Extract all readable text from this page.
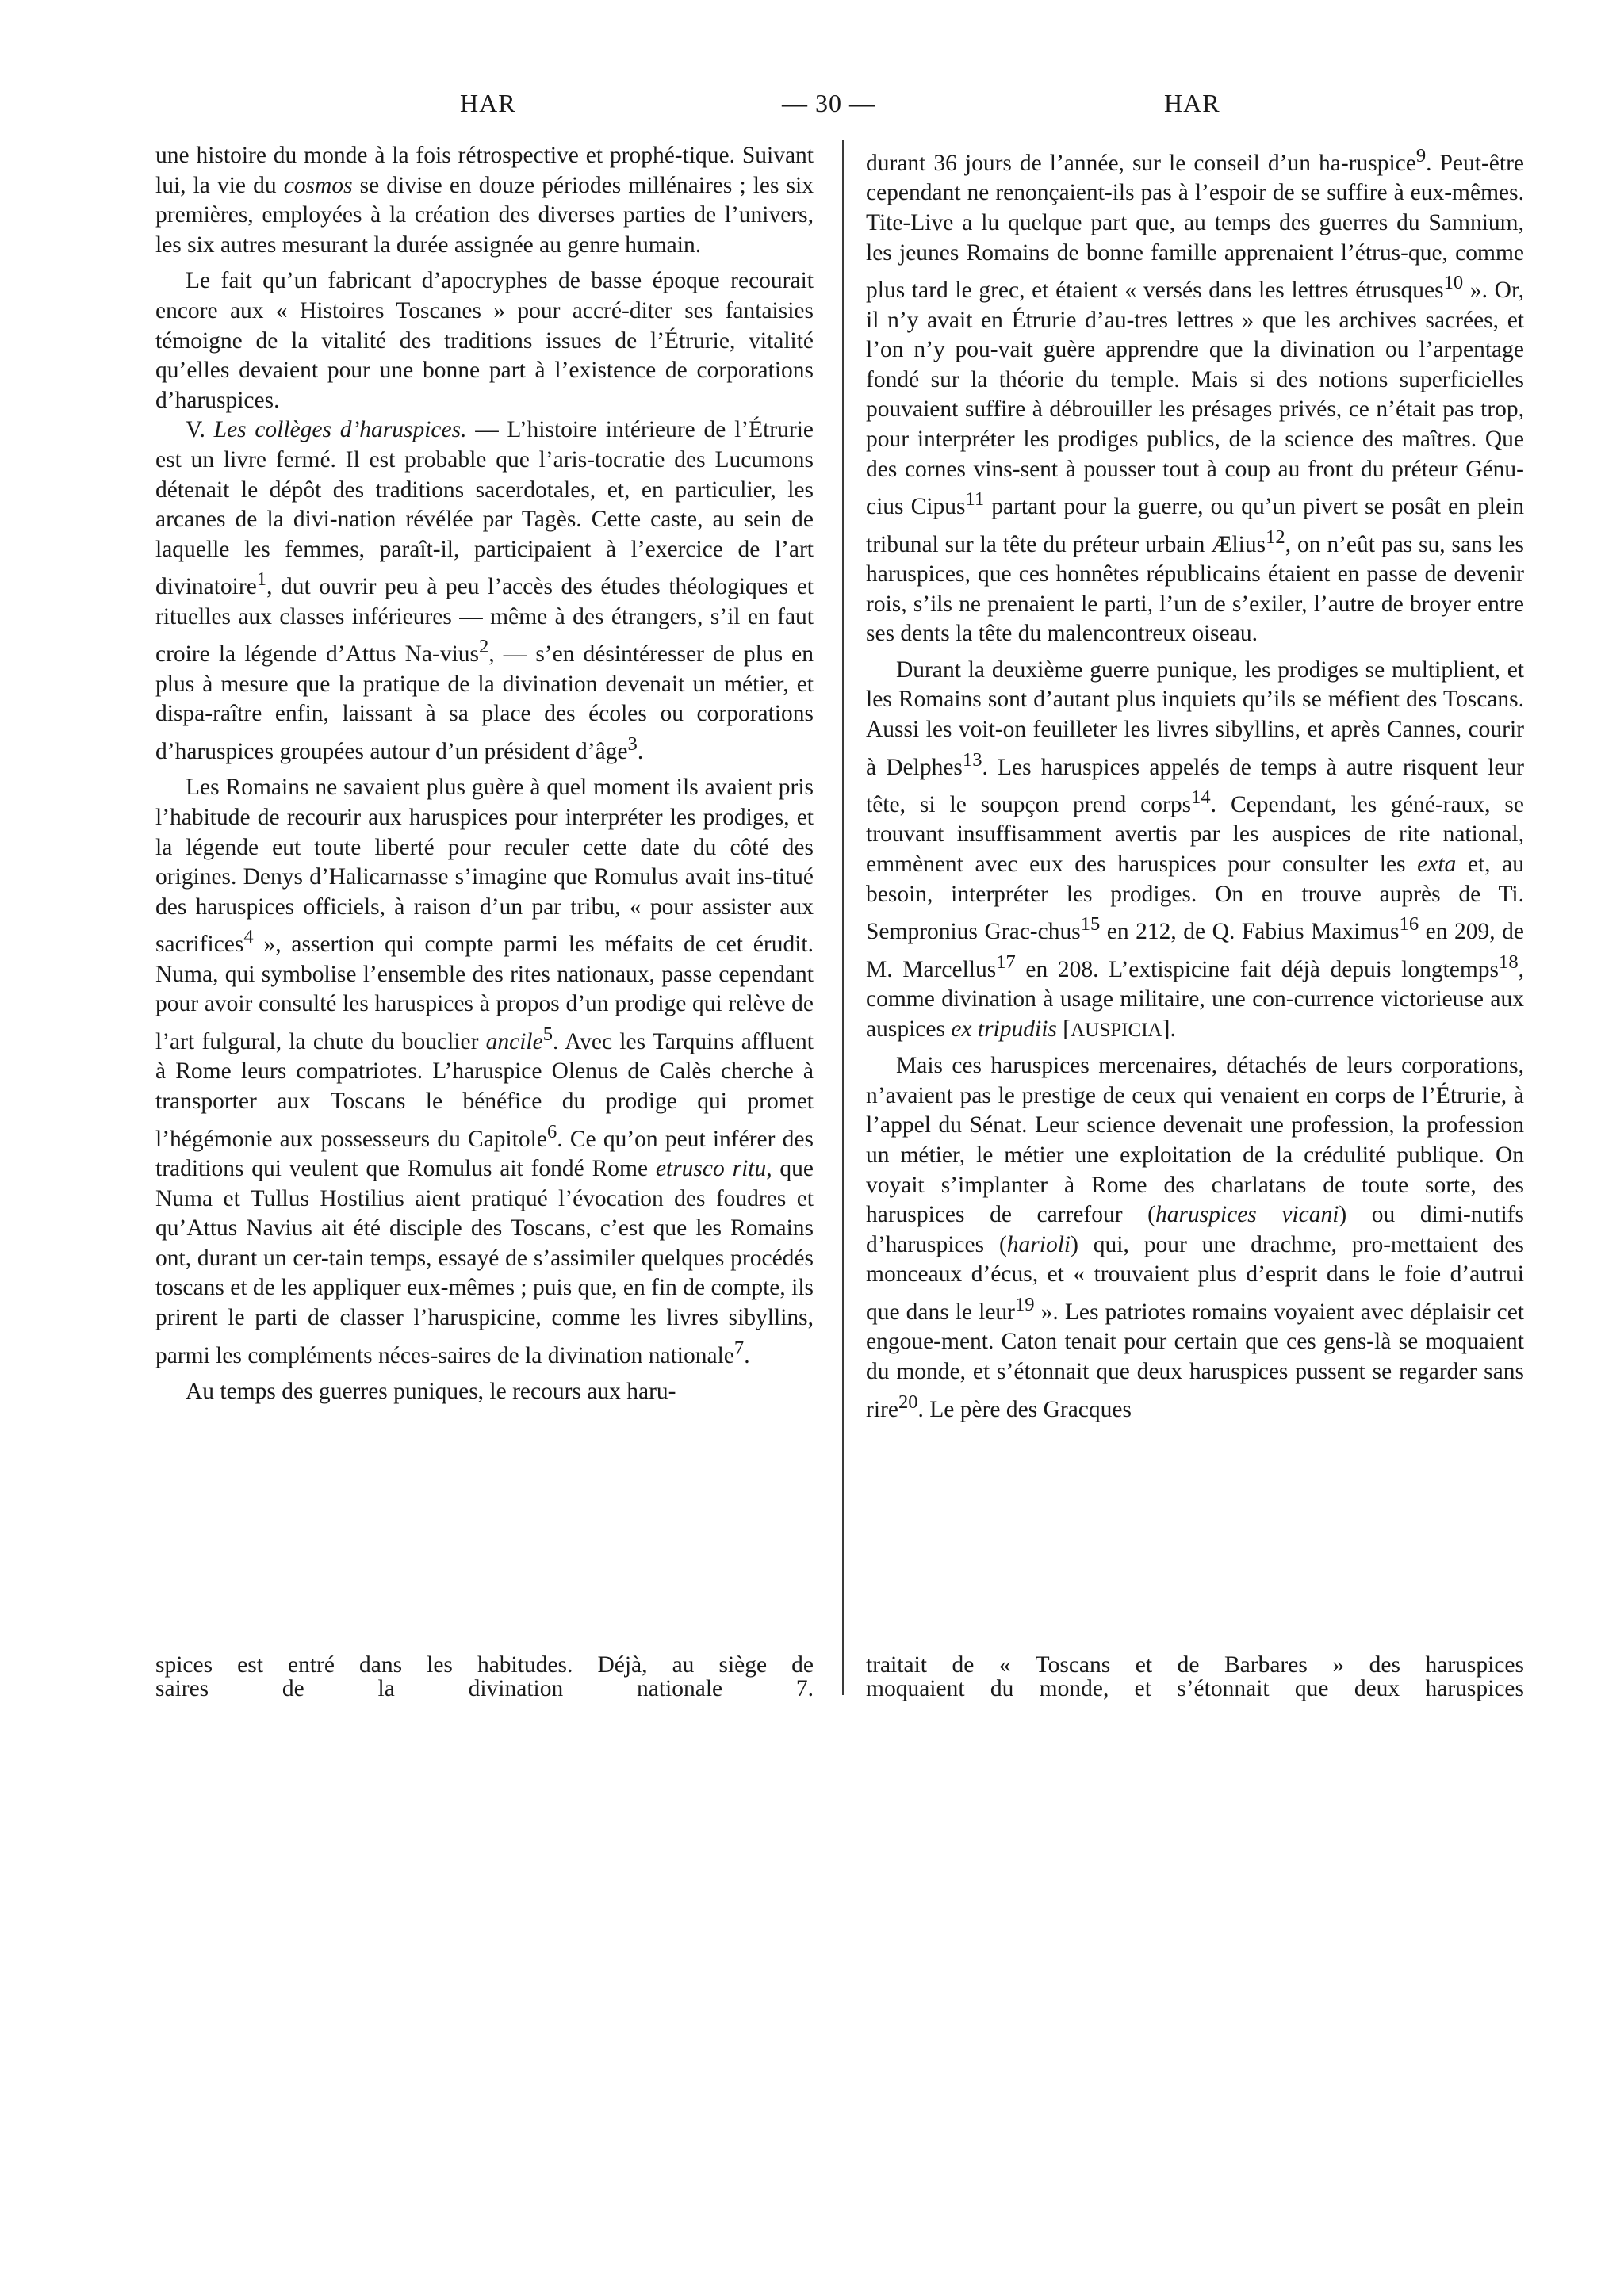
HAR	— 30 —	HAR

une histoire du monde à la fois rétrospective et prophé-tique. Suivant lui, la vie du cosmos se divise en douze périodes millénaires ; les six premières, employées à la création des diverses parties de l’univers, les six autres mesurant la durée assignée au genre humain.

Le fait qu’un fabricant d’apocryphes de basse époque recourait encore aux « Histoires Toscanes » pour accré-diter ses fantaisies témoigne de la vitalité des traditions issues de l’Étrurie, vitalité qu’elles devaient pour une bonne part à l’existence de corporations d’haruspices.

V. Les collèges d’haruspices. — L’histoire intérieure de l’Étrurie est un livre fermé. Il est probable que l’aris-tocratie des Lucumons détenait le dépôt des traditions sacerdotales, et, en particulier, les arcanes de la divi-nation révélée par Tagès. Cette caste, au sein de laquelle les femmes, paraît-il, participaient à l’exercice de l’art divinatoire$^1$, dut ouvrir peu à peu l’accès des études théologiques et rituelles aux classes inférieures — même à des étrangers, s’il en faut croire la légende d’Attus Na-vius$^2$, — s’en désintéresser de plus en plus à mesure que la pratique de la divination devenait un métier, et dispa-raître enfin, laissant à sa place des écoles ou corporations d’haruspices groupées autour d’un président d’âge$^3$.

Les Romains ne savaient plus guère à quel moment ils avaient pris l’habitude de recourir aux haruspices pour interpréter les prodiges, et la légende eut toute liberté pour reculer cette date du côté des origines. Denys d’Halicarnasse s’imagine que Romulus avait ins-titué des haruspices officiels, à raison d’un par tribu, « pour assister aux sacrifices$^4$ », assertion qui compte parmi les méfaits de cet érudit. Numa, qui symbolise l’ensemble des rites nationaux, passe cependant pour avoir consulté les haruspices à propos d’un prodige qui relève de l’art fulgural, la chute du bouclier ancile$^5$. Avec les Tarquins affluent à Rome leurs compatriotes. L’haruspice Olenus de Calès cherche à transporter aux Toscans le bénéfice du prodige qui promet l’hégémonie aux possesseurs du Capitole$^6$. Ce qu’on peut inférer des traditions qui veulent que Romulus ait fondé Rome etrusco ritu, que Numa et Tullus Hostilius aient pratiqué l’évocation des foudres et qu’Attus Navius ait été disciple des Toscans, c’est que les Romains ont, durant un cer-tain temps, essayé de s’assimiler quelques procédés toscans et de les appliquer eux-mêmes ; puis que, en fin de compte, ils prirent le parti de classer l’haruspicine, comme les livres sibyllins, parmi les compléments néces-saires de la divination nationale$^7$.

Au temps des guerres puniques, le recours aux haru-

spices est entré dans les habitudes. Déjà, au siège de
saires de la divination nationale 7.

durant 36 jours de l’année, sur le conseil d’un ha-ruspice$^9$. Peut-être cependant ne renonçaient-ils pas à l’espoir de se suffire à eux-mêmes. Tite-Live a lu quelque part que, au temps des guerres du Samnium, les jeunes Romains de bonne famille apprenaient l’étrus-que, comme plus tard le grec, et étaient « versés dans les lettres étrusques$^{10}$ ». Or, il n’y avait en Étrurie d’au-tres lettres » que les archives sacrées, et l’on n’y pou-vait guère apprendre que la divination ou l’arpentage fondé sur la théorie du temple. Mais si des notions superficielles pouvaient suffire à débrouiller les présages privés, ce n’était pas trop, pour interpréter les prodiges publics, de la science des maîtres. Que des cornes vins-sent à pousser tout à coup au front du préteur Génu-cius Cipus$^{11}$ partant pour la guerre, ou qu’un pivert se posât en plein tribunal sur la tête du préteur urbain Ælius$^{12}$, on n’eût pas su, sans les haruspices, que ces honnêtes républicains étaient en passe de devenir rois, s’ils ne prenaient le parti, l’un de s’exiler, l’autre de broyer entre ses dents la tête du malencontreux oiseau.

Durant la deuxième guerre punique, les prodiges se multiplient, et les Romains sont d’autant plus inquiets qu’ils se méfient des Toscans. Aussi les voit-on feuilleter les livres sibyllins, et après Cannes, courir à Delphes$^{13}$. Les haruspices appelés de temps à autre risquent leur tête, si le soupçon prend corps$^{14}$. Cependant, les géné-raux, se trouvant insuffisamment avertis par les auspices de rite national, emmènent avec eux des haruspices pour consulter les exta et, au besoin, interpréter les prodiges. On en trouve auprès de Ti. Sempronius Grac-chus$^{15}$ en 212, de Q. Fabius Maximus$^{16}$ en 209, de M. Marcellus$^{17}$ en 208. L’extispicine fait déjà depuis longtemps$^{18}$, comme divination à usage militaire, une con-currence victorieuse aux auspices ex tripudiis [AUSPICIA].

Mais ces haruspices mercenaires, détachés de leurs corporations, n’avaient pas le prestige de ceux qui venaient en corps de l’Étrurie, à l’appel du Sénat. Leur science devenait une profession, la profession un métier, le métier une exploitation de la crédulité publique. On voyait s’implanter à Rome des charlatans de toute sorte, des haruspices de carrefour (haruspices vicani) ou dimi-nutifs d’haruspices (harioli) qui, pour une drachme, pro-mettaient des monceaux d’écus, et « trouvaient plus d’esprit dans le foie d’autrui que dans le leur$^{19}$ ». Les patriotes romains voyaient avec déplaisir cet engoue-ment. Caton tenait pour certain que ces gens-là se moquaient du monde, et s’étonnait que deux haruspices pussent se regarder sans rire$^{20}$. Le père des Gracques

traitait de « Toscans et de Barbares » des haruspices
moquaient du monde, et s’étonnait que deux haruspices
